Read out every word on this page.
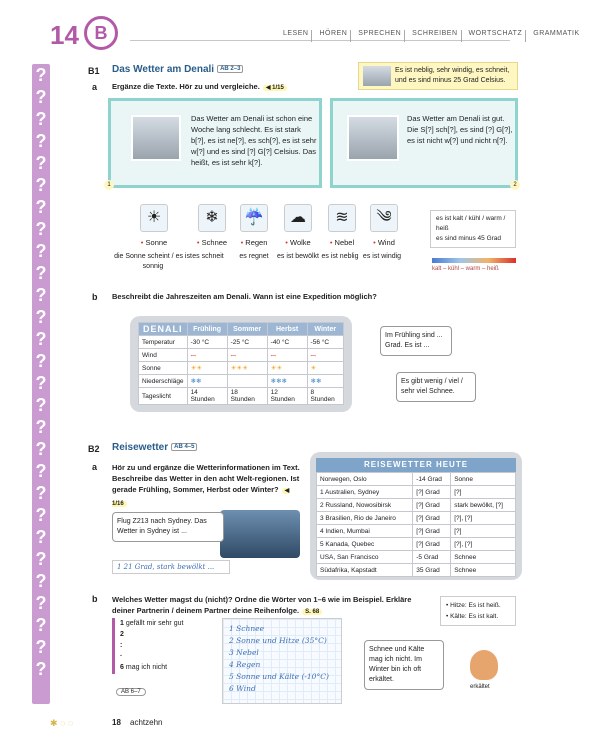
?
?
?
?
?
?
?
?
?
?
?
?
?
?
?
?
?
?
?
?
?
?
?
?
?
?
?
?
14 B	LESEN	HÖREN	SPRECHEN	SCHREIBEN	WORTSCHATZ	GRAMMATIK
B1 Das Wetter am Denali AB 2–3
a Ergänze die Texte. Hör zu und vergleiche. ◀ 1/15
Es ist neblig, sehr windig, es schneit, und es sind minus 25 Grad Celsius.
Das Wetter am Denali ist schon eine Woche lang schlecht. Es ist stark b[?], es ist ne[?], es sch[?], es ist sehr w[?] und es sind [?] G[?] Celsius. Das heißt, es ist sehr k[?].
1
Das Wetter am Denali ist gut. Die S[?] sch[?], es sind [?] G[?], es ist nicht w[?] und nicht n[?].
2
☀	❄	☔	☁	≋	༄
• Sonne	• Schnee	• Regen	• Wolke	• Nebel	• Wind
die Sonne scheint / es ist sonnig
es schneit	es regnet	es ist bewölkt es ist neblig es ist windig
es ist kalt / kühl / warm / heiß
es sind minus 45 Grad
kalt – kühl – warm – heiß
b Beschreibt die Jahreszeiten am Denali. Wann ist eine Expedition möglich?
DENALI	Frühling	Sommer	Herbst	Winter
Temperatur	-30 °C	-25 °C	-40 °C	-56 °C
Wind	ꟷ	ꟷ	ꟷ	ꟷ
Sonne	☀☀	☀☀☀	☀☀	☀
Niederschläge	❄❄		❄❄❄	❄❄
Tageslicht	14 Stunden	18 Stunden	12 Stunden	8 Stunden
Im Frühling sind ... Grad. Es ist ...
Es gibt wenig / viel / sehr viel Schnee.
B2 Reisewetter AB 4–5
a Hör zu und ergänze die Wetterinformationen im Text. Beschreibe das Wetter in den acht Welt-regionen. Ist gerade Frühling, Sommer, Herbst oder Winter? ◀ 1/16
Flug Z213 nach Sydney. Das Wetter in Sydney ist ...
1 21 Grad, stark bewölkt ...
REISEWETTER HEUTE
Norwegen, Oslo	-14 Grad	Sonne
1 Australien, Sydney	[?] Grad	[?]
2 Russland, Nowosibirsk	[?] Grad	stark bewölkt, [?]
3 Brasilien, Rio de Janeiro	[?] Grad	[?], [?]
4 Indien, Mumbai	[?] Grad	[?]
5 Kanada, Quebec	[?] Grad	[?], [?]
USA, San Francisco	-5 Grad	Schnee
Südafrika, Kapstadt	35 Grad	Schnee
b Welches Wetter magst du (nicht)? Ordne die Wörter von 1–6 wie im Beispiel. Erkläre deiner Partnerin / deinem Partner deine Reihenfolge. S. 68
1 gefällt mir sehr gut
2
:
·
6 mag ich nicht
AB 6–7
1 Schnee
2 Sonne und Hitze (35°C)
3 Nebel
4 Regen
5 Sonne und Kälte (-10°C)
6 Wind
• Hitze: Es ist heiß.
• Kälte: Es ist kalt.
Schnee und Kälte mag ich nicht. Im Winter bin ich oft erkältet.
erkältet
✱ ◌ ◌	18 achtzehn
